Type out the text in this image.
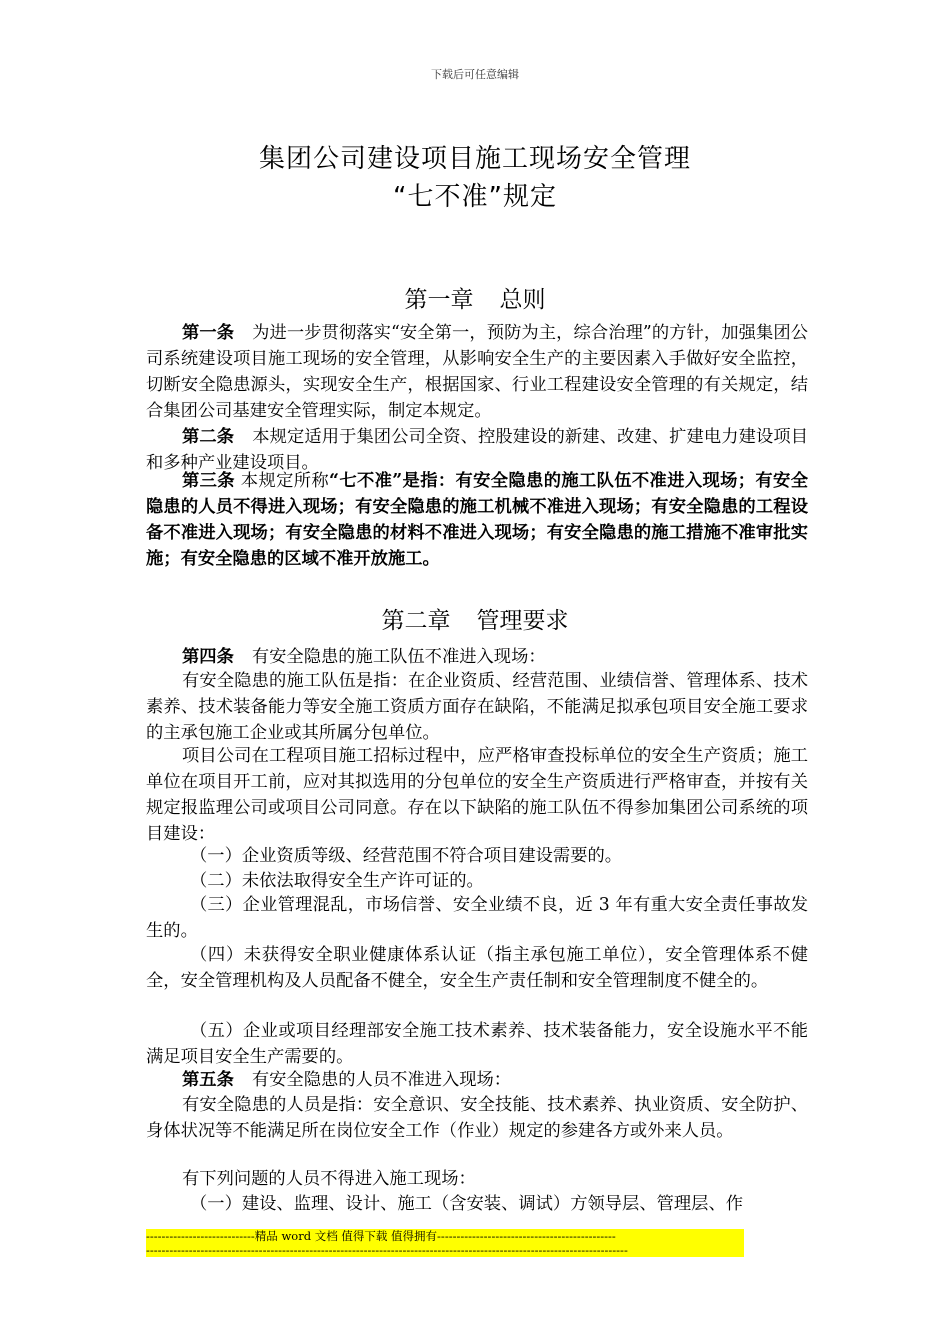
下载后可任意编辑
集团公司建设项目施工现场安全管理
“七不准”规定
第一章 总则
第一条 为进一步贯彻落实“安全第一，预防为主，综合治理”的方针，加强集团公司系统建设项目施工现场的安全管理，从影响安全生产的主要因素入手做好安全监控，切断安全隐患源头，实现安全生产，根据国家、行业工程建设安全管理的有关规定，结合集团公司基建安全管理实际，制定本规定。
第二条 本规定适用于集团公司全资、控股建设的新建、改建、扩建电力建设项目和多种产业建设项目。
第三条 本规定所称“七不准”是指：有安全隐患的施工队伍不准进入现场；有安全隐患的人员不得进入现场；有安全隐患的施工机械不准进入现场；有安全隐患的工程设备不准进入现场；有安全隐患的材料不准进入现场；有安全隐患的施工措施不准审批实施；有安全隐患的区域不准开放施工。
第二章 管理要求
第四条 有安全隐患的施工队伍不准进入现场：
有安全隐患的施工队伍是指：在企业资质、经营范围、业绩信誉、管理体系、技术素养、技术装备能力等安全施工资质方面存在缺陷，不能满足拟承包项目安全施工要求的主承包施工企业或其所属分包单位。
项目公司在工程项目施工招标过程中，应严格审查投标单位的安全生产资质；施工单位在项目开工前，应对其拟选用的分包单位的安全生产资质进行严格审查，并按有关规定报监理公司或项目公司同意。存在以下缺陷的施工队伍不得参加集团公司系统的项目建设：
（一）企业资质等级、经营范围不符合项目建设需要的。
（二）未依法取得安全生产许可证的。
（三）企业管理混乱，市场信誉、安全业绩不良，近 3 年有重大安全责任事故发生的。
（四）未获得安全职业健康体系认证（指主承包施工单位），安全管理体系不健全，安全管理机构及人员配备不健全，安全生产责任制和安全管理制度不健全的。
（五）企业或项目经理部安全施工技术素养、技术装备能力，安全设施水平不能满足项目安全生产需要的。
第五条 有安全隐患的人员不准进入现场：
有安全隐患的人员是指：安全意识、安全技能、技术素养、执业资质、安全防护、身体状况等不能满足所在岗位安全工作（作业）规定的参建各方或外来人员。
有下列问题的人员不得进入施工现场：
（一）建设、监理、设计、施工（含安装、调试）方领导层、管理层、作
----------------------------精品 word 文档 值得下载 值得拥有----------------------------------------------
----------------------------------------------------------------------------------------------------------------------------
